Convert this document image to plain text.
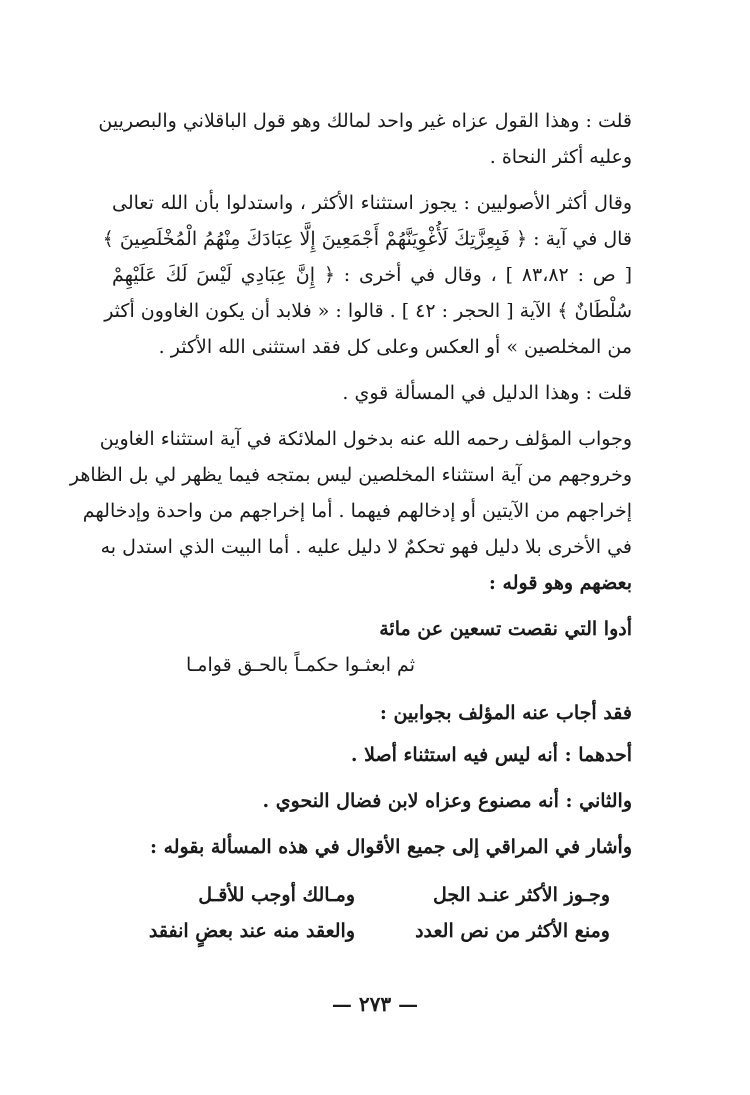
قلت : وهذا القول عزاه غير واحد لمالك وهو قول الباقلاني والبصريين
وعليه أكثر النحاة .
وقال أكثر الأصوليين : يجوز استثناء الأكثر ، واستدلوا بأن الله تعالى
قال في آية : ﴿ فَبِعِزَّتِكَ لَأُغْوِيَنَّهُمْ أَجْمَعِينَ إِلَّا عِبَادَكَ مِنْهُمُ الْمُخْلَصِينَ ﴾
[ ص : ٨٣،٨٢ ] ، وقال في أخرى : ﴿ إِنَّ عِبَادِي لَيْسَ لَكَ عَلَيْهِمْ
سُلْطَانٌ ﴾ الآية [ الحجر : ٤٢ ] . قالوا : « فلابد أن يكون الغاوون أكثر
من المخلصين » أو العكس وعلى كل فقد استثنى الله الأكثر .
قلت : وهذا الدليل في المسألة قوي .
وجواب المؤلف رحمه الله عنه بدخول الملائكة في آية استثناء الغاوين
وخروجهم من آية استثناء المخلصين ليس بمتجه فيما يظهر لي بل الظاهر
إخراجهم من الآيتين أو إدخالهم فيهما . أما إخراجهم من واحدة وإدخالهم
في الأخرى بلا دليل فهو تحكمٌ لا دليل عليه . أما البيت الذي استدل به
بعضهم وهو قوله :
أدوا التي نقصت تسعين عن مائة
ثم ابعثـوا حكمـاً بالحـق قوامـا
فقد أجاب عنه المؤلف بجوابين :
أحدهما : أنه ليس فيه استثناء أصلا .
والثاني : أنه مصنوع وعزاه لابن فضال النحوي .
وأشار في المراقي إلى جميع الأقوال في هذه المسألة بقوله :
وجـوز الأكثر عنـد الجل
ومـالك أوجب للأقـل
ومنع الأكثر من نص العدد
والعقد منه عند بعضٍ انفقد
— ٢٧٣ —
